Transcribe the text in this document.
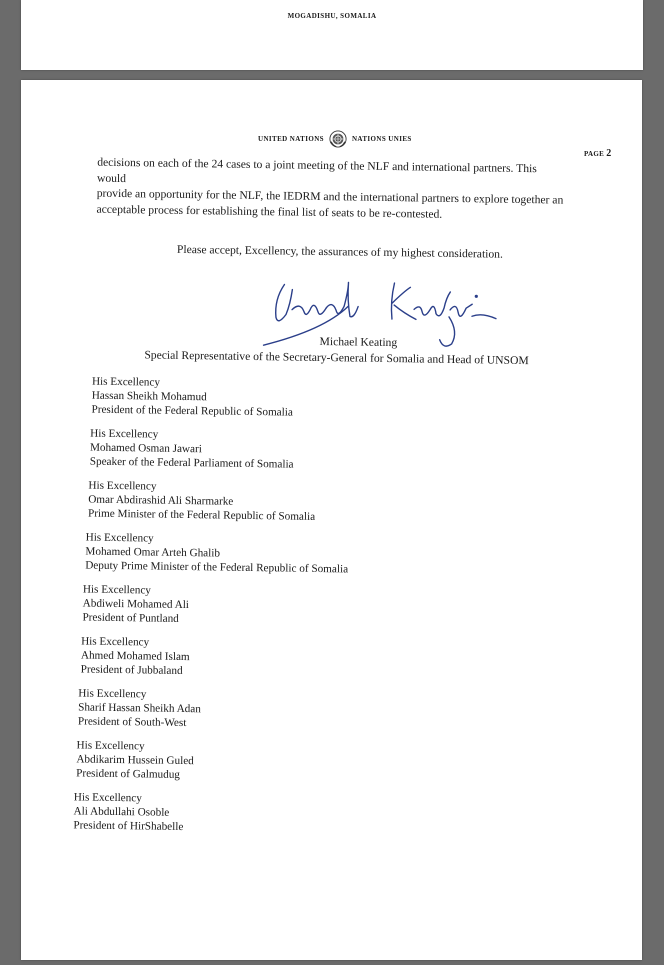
MOGADISHU, SOMALIA
UNITED NATIONS	NATIONS UNIES
PAGE 2
decisions on each of the 24 cases to a joint meeting of the NLF and international partners. This would
provide an opportunity for the NLF, the IEDRM and the international partners to explore together an
acceptable process for establishing the final list of seats to be re-contested.
Please accept, Excellency, the assurances of my highest consideration.
Michael Keating
Special Representative of the Secretary-General for Somalia and Head of UNSOM
His Excellency
Hassan Sheikh Mohamud
President of the Federal Republic of Somalia
His Excellency
Mohamed Osman Jawari
Speaker of the Federal Parliament of Somalia
His Excellency
Omar Abdirashid Ali Sharmarke
Prime Minister of the Federal Republic of Somalia
His Excellency
Mohamed Omar Arteh Ghalib
Deputy Prime Minister of the Federal Republic of Somalia
His Excellency
Abdiweli Mohamed Ali
President of Puntland
His Excellency
Ahmed Mohamed Islam
President of Jubbaland
His Excellency
Sharif Hassan Sheikh Adan
President of South-West
His Excellency
Abdikarim Hussein Guled
President of Galmudug
His Excellency
Ali Abdullahi Osoble
President of HirShabelle
